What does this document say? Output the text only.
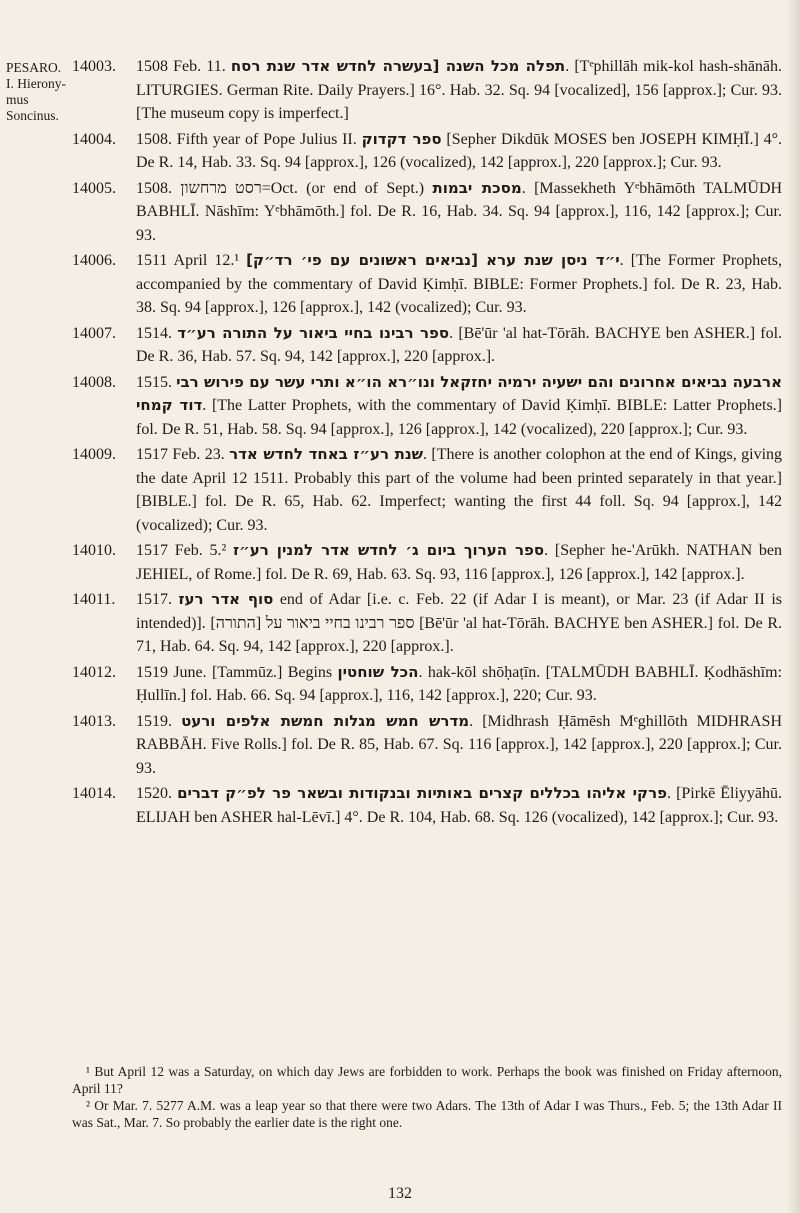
PESARO.
I. Hierony-mus Soncinus.
14003.	1508 Feb. 11. תפלה מכל השנה [בעשרה לחדש אדר שנת רסח. [Tᵉphillāh mik-kol hash-shānāh. LITURGIES. German Rite. Daily Prayers.] 16°. Hab. 32. Sq. 94 [vocalized], 156 [approx.]; Cur. 93. [The museum copy is imperfect.]
14004.	1508. Fifth year of Pope Julius II. ספר דקדוק [Sepher Dikdūk MOSES ben JOSEPH KIMḤĪ.] 4°. De R. 14, Hab. 33. Sq. 94 [approx.], 126 (vocalized), 142 [approx.], 220 [approx.]; Cur. 93.
14005.	1508. רסט מרחשון=Oct. (or end of Sept.) מסכת יבמות. [Massekheth Yᵉbhāmōth TALMŪDH BABHLĪ. Nāshīm: Yᵉbhāmōth.] fol. De R. 16, Hab. 34. Sq. 94 [approx.], 116, 142 [approx.]; Cur. 93.
14006.	1511 April 12.¹ י״ד ניסן שנת ערא [נביאים ראשונים עם פי׳ רד״ק]. [The Former Prophets, accompanied by the commentary of David Ḳimḥī. BIBLE: Former Prophets.] fol. De R. 23, Hab. 38. Sq. 94 [approx.], 126 [approx.], 142 (vocalized); Cur. 93.
14007.	1514. ספר רבינו בחיי ביאור על התורה רע״ד. [Bē'ūr 'al hat-Tōrāh. BACHYE ben ASHER.] fol. De R. 36, Hab. 57. Sq. 94, 142 [approx.], 220 [approx.].
14008.	1515. ארבעה נביאים אחרונים והם ישעיה ירמיה יחזקאל ונו״רא הו״א ותרי עשר עם פירוש רבי דוד קמחי. [The Latter Prophets, with the commentary of David Ḳimḥī. BIBLE: Latter Prophets.] fol. De R. 51, Hab. 58. Sq. 94 [approx.], 126 [approx.], 142 (vocalized), 220 [approx.]; Cur. 93.
14009.	1517 Feb. 23. שנת רע״ז באחד לחדש אדר. [There is another colophon at the end of Kings, giving the date April 12 1511. Probably this part of the volume had been printed separately in that year.] [BIBLE.] fol. De R. 65, Hab. 62. Imperfect; wanting the first 44 foll. Sq. 94 [approx.], 142 (vocalized); Cur. 93.
14010.	1517 Feb. 5.² ספר הערוך ביום ג׳ לחדש אדר למנין רע״ז. [Sepher he-'Arūkh. NATHAN ben JEHIEL, of Rome.] fol. De R. 69, Hab. 63. Sq. 93, 116 [approx.], 126 [approx.], 142 [approx.].
14011.	1517. סוף אדר רעז end of Adar [i.e. c. Feb. 22 (if Adar I is meant), or Mar. 23 (if Adar II is intended)]. ספר רבינו בחיי ביאור על [התורה] [Bē'ūr 'al hat-Tōrāh. BACHYE ben ASHER.] fol. De R. 71, Hab. 64. Sq. 94, 142 [approx.], 220 [approx.].
14012.	1519 June. [Tammūz.] Begins הכל שוחטין. hak-kōl shōḥaṭīn. [TALMŪDH BABHLĪ. Ḳodhāshīm: Ḥullīn.] fol. Hab. 66. Sq. 94 [approx.], 116, 142 [approx.], 220; Cur. 93.
14013.	1519. מדרש חמש מגלות חמשת אלפים ורעט. [Midhrash Ḥāmēsh Mᵉghillōth MIDHRASH RABBĀH. Five Rolls.] fol. De R. 85, Hab. 67. Sq. 116 [approx.], 142 [approx.], 220 [approx.]; Cur. 93.
14014.	1520. פרקי אליהו בכללים קצרים באותיות ובנקודות ובשאר פר לפ״ק דברים. [Pirkē Ēliyyāhū. ELIJAH ben ASHER hal-Lēvī.] 4°. De R. 104, Hab. 68. Sq. 126 (vocalized), 142 [approx.]; Cur. 93.

¹ But April 12 was a Saturday, on which day Jews are forbidden to work. Perhaps the book was finished on Friday afternoon, April 11?

² Or Mar. 7. 5277 A.M. was a leap year so that there were two Adars. The 13th of Adar I was Thurs., Feb. 5; the 13th Adar II was Sat., Mar. 7. So probably the earlier date is the right one.

132
